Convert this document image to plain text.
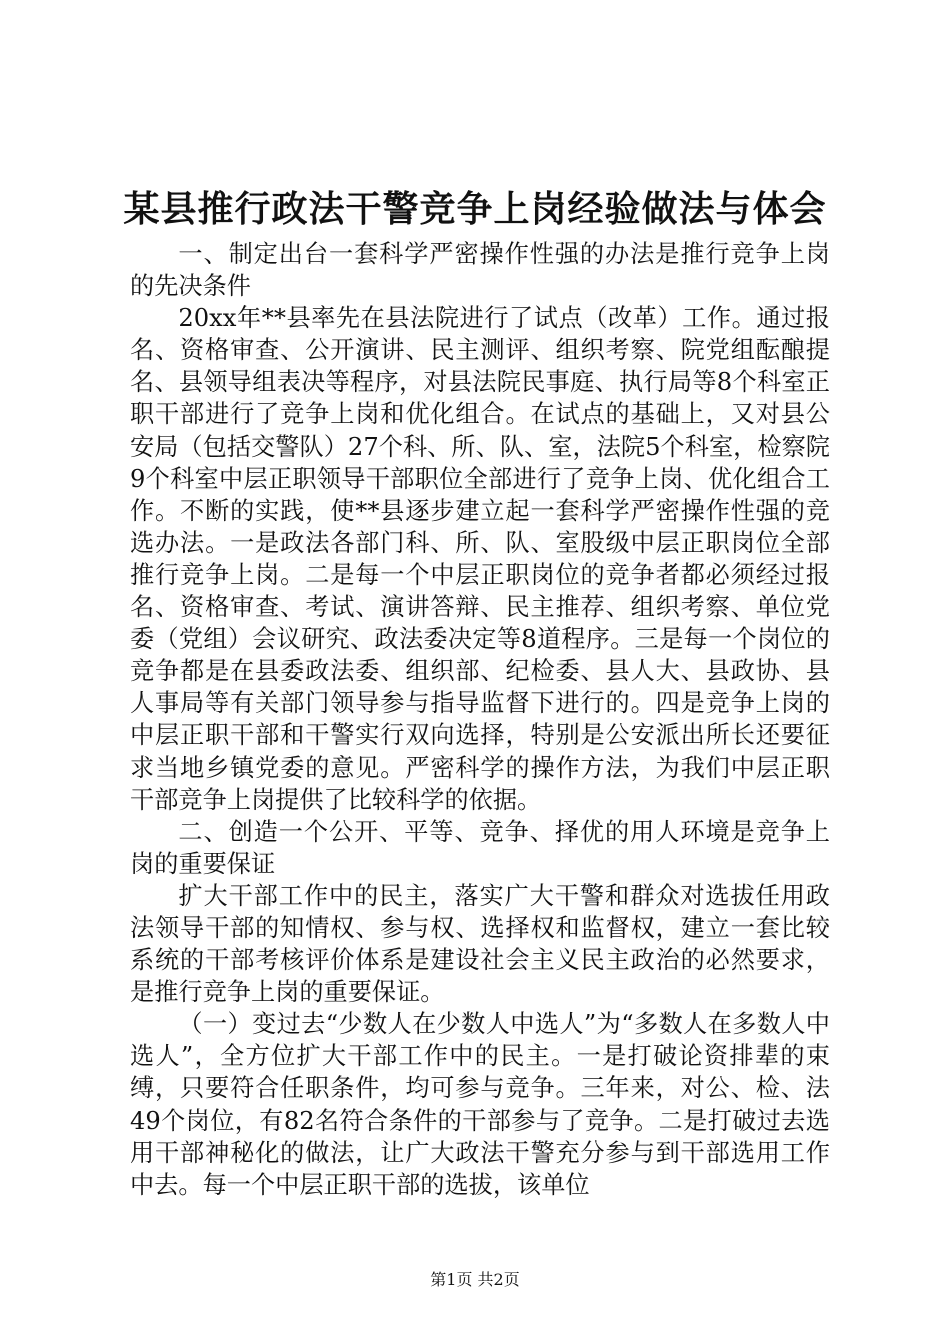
某县推行政法干警竞争上岗经验做法与体会

一、制定出台一套科学严密操作性强的办法是推行竞争上岗的先决条件

20xx年**县率先在县法院进行了试点（改革）工作。通过报名、资格审查、公开演讲、民主测评、组织考察、院党组酝酿提名、县领导组表决等程序，对县法院民事庭、执行局等8个科室正职干部进行了竞争上岗和优化组合。在试点的基础上，又对县公安局（包括交警队）27个科、所、队、室，法院5个科室，检察院9个科室中层正职领导干部职位全部进行了竞争上岗、优化组合工作。不断的实践，使**县逐步建立起一套科学严密操作性强的竞选办法。一是政法各部门科、所、队、室股级中层正职岗位全部推行竞争上岗。二是每一个中层正职岗位的竞争者都必须经过报名、资格审查、考试、演讲答辩、民主推荐、组织考察、单位党委（党组）会议研究、政法委决定等8道程序。三是每一个岗位的竞争都是在县委政法委、组织部、纪检委、县人大、县政协、县人事局等有关部门领导参与指导监督下进行的。四是竞争上岗的中层正职干部和干警实行双向选择，特别是公安派出所长还要征求当地乡镇党委的意见。严密科学的操作方法，为我们中层正职干部竞争上岗提供了比较科学的依据。

二、创造一个公开、平等、竞争、择优的用人环境是竞争上岗的重要保证

扩大干部工作中的民主，落实广大干警和群众对选拔任用政法领导干部的知情权、参与权、选择权和监督权，建立一套比较系统的干部考核评价体系是建设社会主义民主政治的必然要求，是推行竞争上岗的重要保证。

（一）变过去“少数人在少数人中选人”为“多数人在多数人中选人”，全方位扩大干部工作中的民主。一是打破论资排辈的束缚，只要符合任职条件，均可参与竞争。三年来，对公、检、法49个岗位，有82名符合条件的干部参与了竞争。二是打破过去选用干部神秘化的做法，让广大政法干警充分参与到干部选用工作中去。每一个中层正职干部的选拔，该单位

第1页 共2页
